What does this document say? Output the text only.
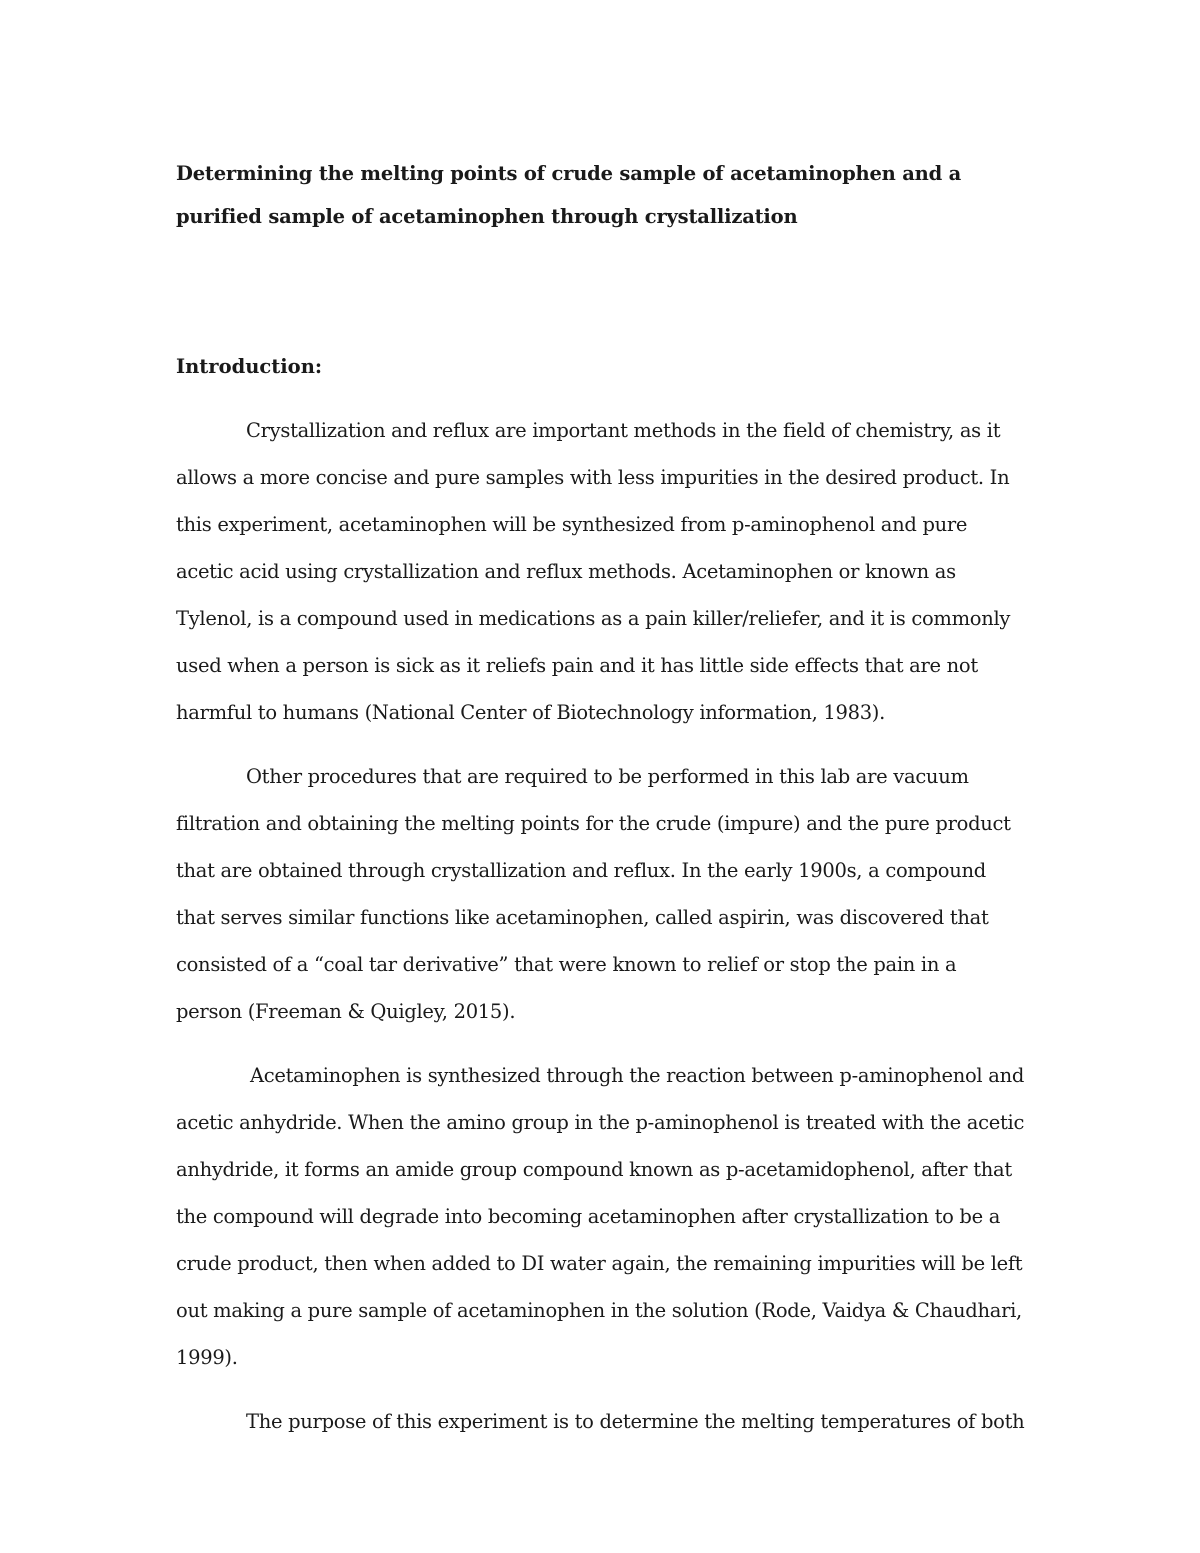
Determining the melting points of crude sample of acetaminophen and a purified sample of acetaminophen through crystallization

Introduction:

Crystallization and reflux are important methods in the field of chemistry, as it allows a more concise and pure samples with less impurities in the desired product. In this experiment, acetaminophen will be synthesized from p-aminophenol and pure acetic acid using crystallization and reflux methods. Acetaminophen or known as Tylenol, is a compound used in medications as a pain killer/reliefer, and it is commonly used when a person is sick as it reliefs pain and it has little side effects that are not harmful to humans (National Center of Biotechnology information, 1983).

Other procedures that are required to be performed in this lab are vacuum filtration and obtaining the melting points for the crude (impure) and the pure product that are obtained through crystallization and reflux. In the early 1900s, a compound that serves similar functions like acetaminophen, called aspirin, was discovered that consisted of a “coal tar derivative” that were known to relief or stop the pain in a person (Freeman & Quigley, 2015).

Acetaminophen is synthesized through the reaction between p-aminophenol and acetic anhydride. When the amino group in the p-aminophenol is treated with the acetic anhydride, it forms an amide group compound known as p-acetamidophenol, after that the compound will degrade into becoming acetaminophen after crystallization to be a crude product, then when added to DI water again, the remaining impurities will be left out making a pure sample of acetaminophen in the solution (Rode, Vaidya & Chaudhari, 1999).

The purpose of this experiment is to determine the melting temperatures of both
